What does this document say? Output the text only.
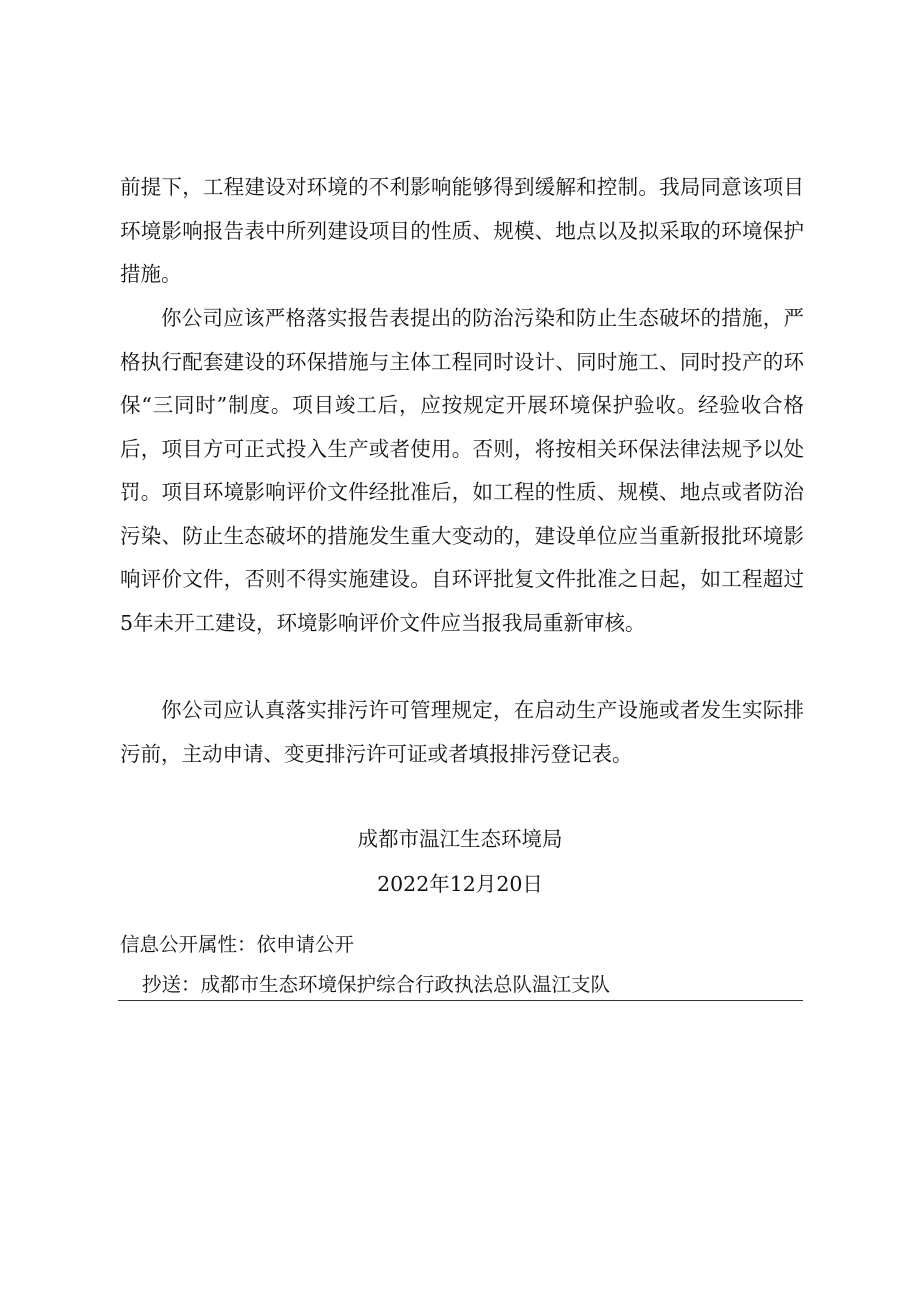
前提下，工程建设对环境的不利影响能够得到缓解和控制。我局同意该项目环境影响报告表中所列建设项目的性质、规模、地点以及拟采取的环境保护措施。

你公司应该严格落实报告表提出的防治污染和防止生态破坏的措施，严格执行配套建设的环保措施与主体工程同时设计、同时施工、同时投产的环保“三同时”制度。项目竣工后，应按规定开展环境保护验收。经验收合格后，项目方可正式投入生产或者使用。否则，将按相关环保法律法规予以处罚。项目环境影响评价文件经批准后，如工程的性质、规模、地点或者防治污染、防止生态破坏的措施发生重大变动的，建设单位应当重新报批环境影响评价文件，否则不得实施建设。自环评批复文件批准之日起，如工程超过5年未开工建设，环境影响评价文件应当报我局重新审核。

你公司应认真落实排污许可管理规定，在启动生产设施或者发生实际排污前，主动申请、变更排污许可证或者填报排污登记表。

成都市温江生态环境局

2022年12月20日

信息公开属性：依申请公开

抄送：成都市生态环境保护综合行政执法总队温江支队
